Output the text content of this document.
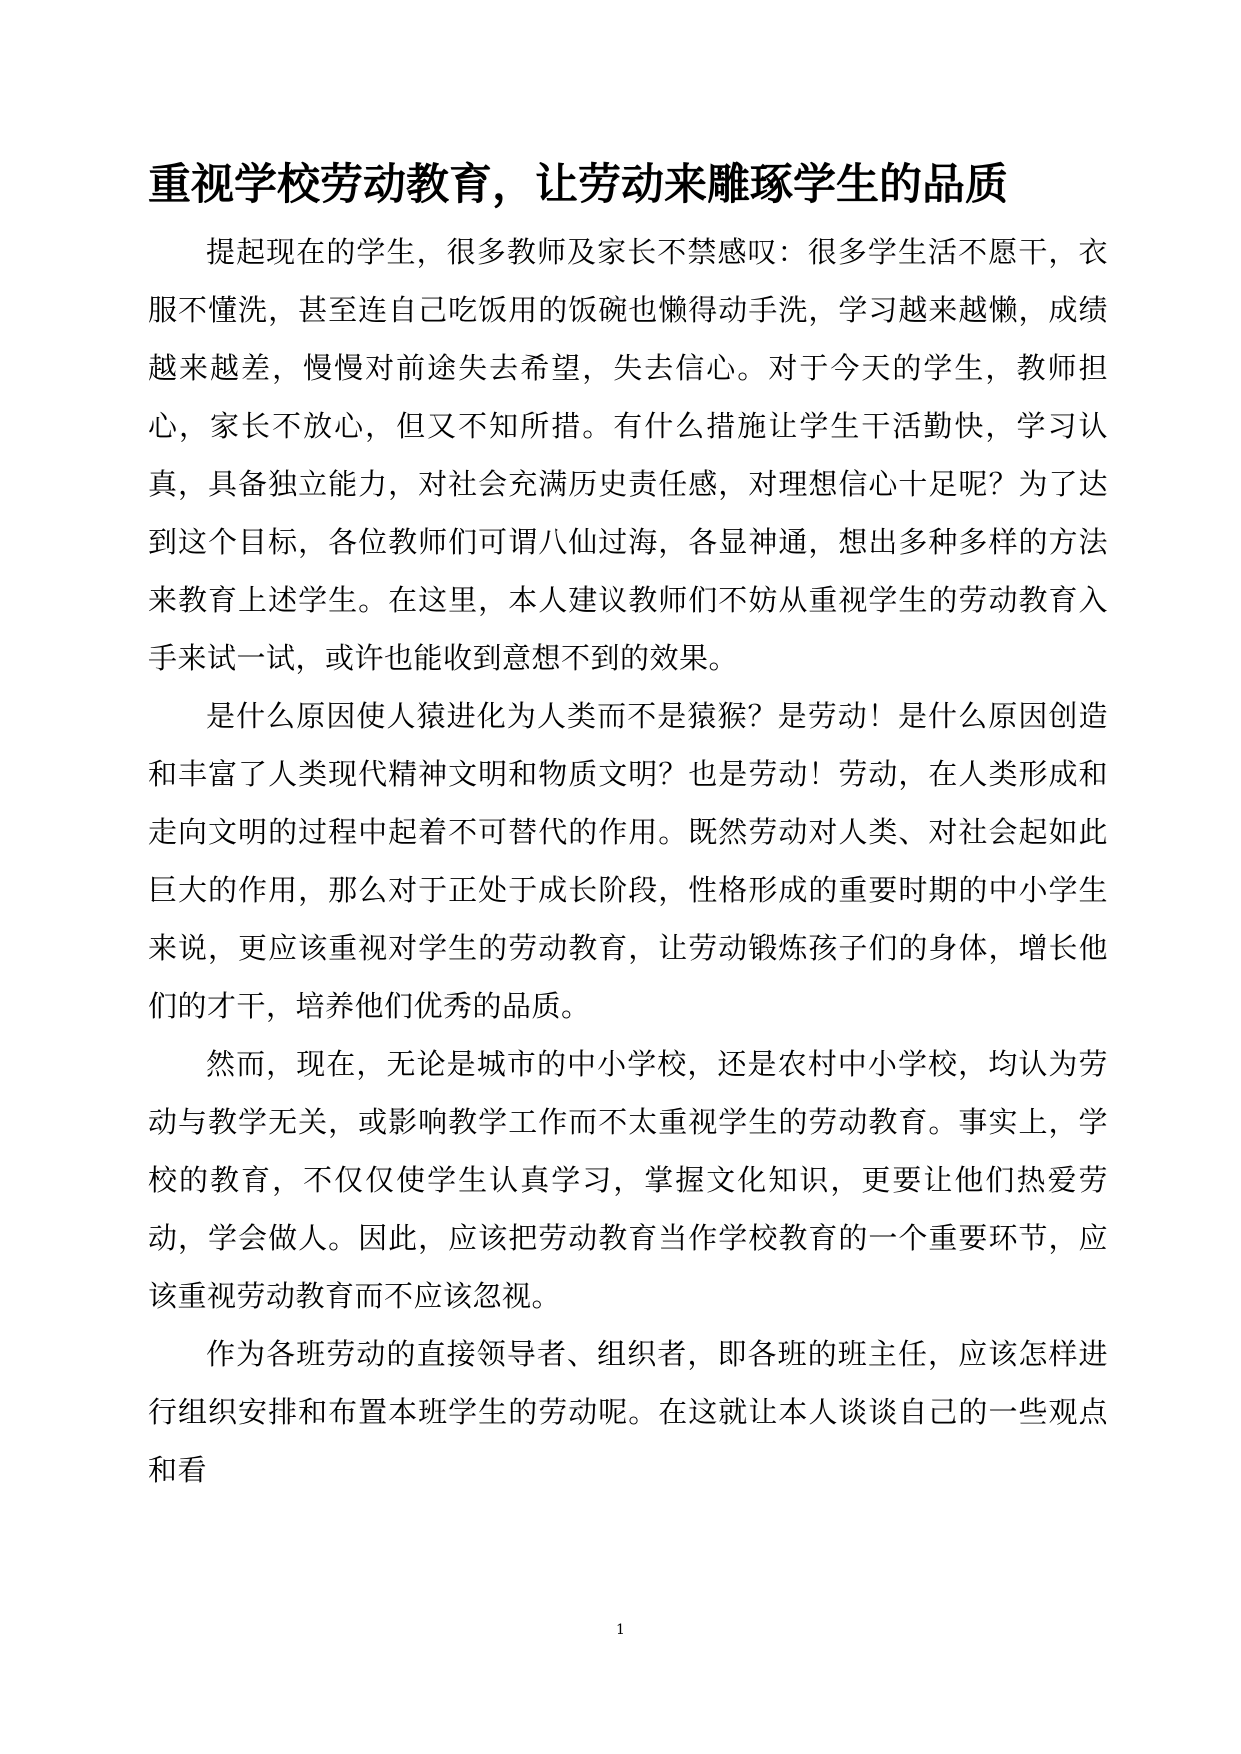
重视学校劳动教育，让劳动来雕琢学生的品质

提起现在的学生，很多教师及家长不禁感叹：很多学生活不愿干，衣服不懂洗，甚至连自己吃饭用的饭碗也懒得动手洗，学习越来越懒，成绩越来越差，慢慢对前途失去希望，失去信心。对于今天的学生，教师担心，家长不放心，但又不知所措。有什么措施让学生干活勤快，学习认真，具备独立能力，对社会充满历史责任感，对理想信心十足呢？为了达到这个目标，各位教师们可谓八仙过海，各显神通，想出多种多样的方法来教育上述学生。在这里，本人建议教师们不妨从重视学生的劳动教育入手来试一试，或许也能收到意想不到的效果。

是什么原因使人猿进化为人类而不是猿猴？是劳动！是什么原因创造和丰富了人类现代精神文明和物质文明？也是劳动！劳动，在人类形成和走向文明的过程中起着不可替代的作用。既然劳动对人类、对社会起如此巨大的作用，那么对于正处于成长阶段，性格形成的重要时期的中小学生来说，更应该重视对学生的劳动教育，让劳动锻炼孩子们的身体，增长他们的才干，培养他们优秀的品质。

然而，现在，无论是城市的中小学校，还是农村中小学校，均认为劳动与教学无关，或影响教学工作而不太重视学生的劳动教育。事实上，学校的教育，不仅仅使学生认真学习，掌握文化知识，更要让他们热爱劳动，学会做人。因此，应该把劳动教育当作学校教育的一个重要环节，应该重视劳动教育而不应该忽视。

作为各班劳动的直接领导者、组织者，即各班的班主任，应该怎样进行组织安排和布置本班学生的劳动呢。在这就让本人谈谈自己的一些观点和看

1
